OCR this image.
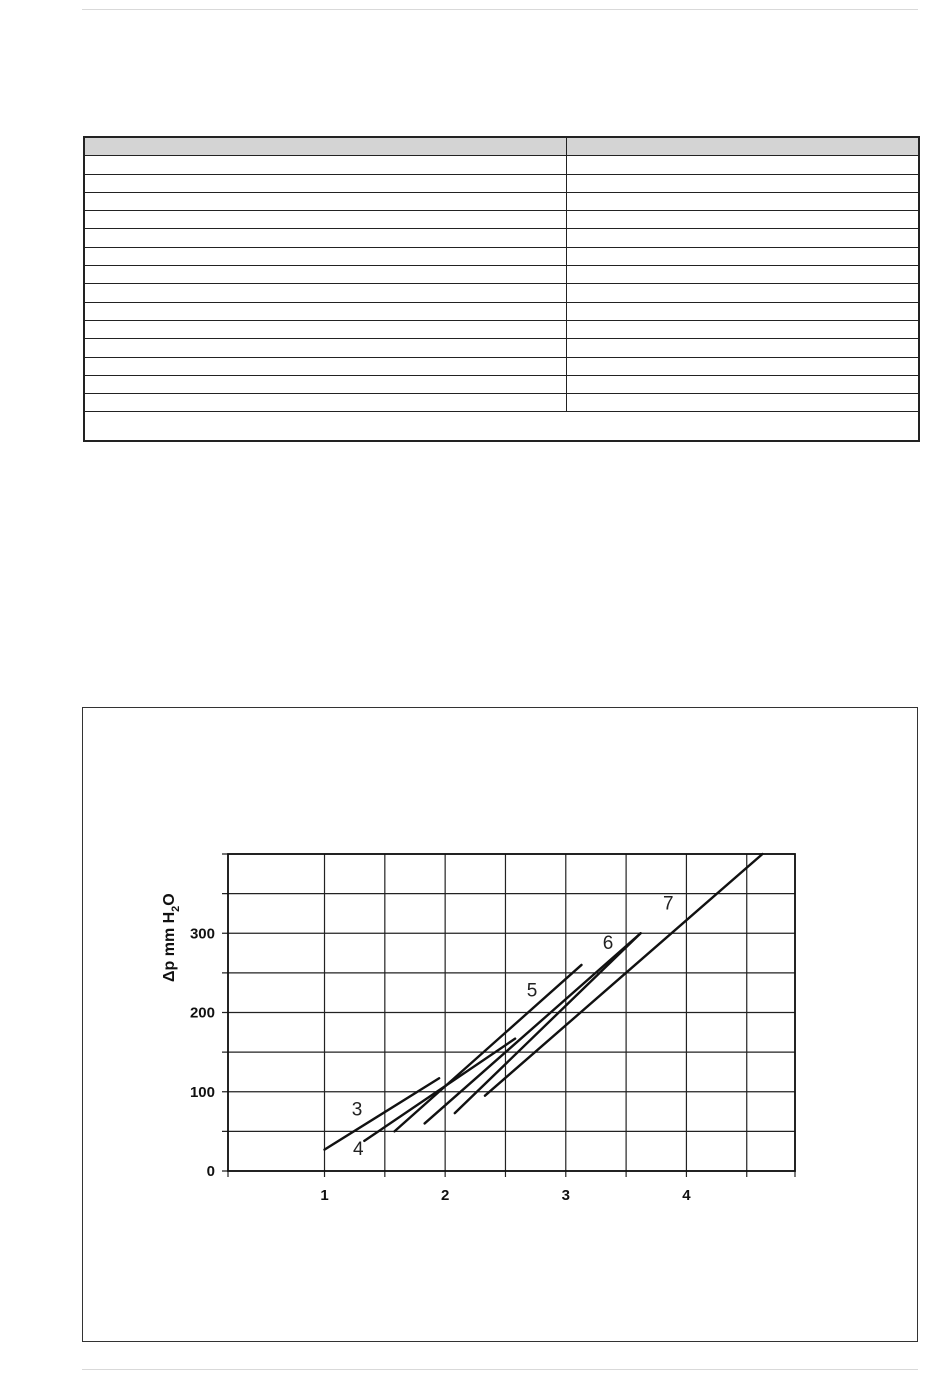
1	2	3	4
0
100
200
300
3
4
5
6
7
Δp mm $H_2O$
